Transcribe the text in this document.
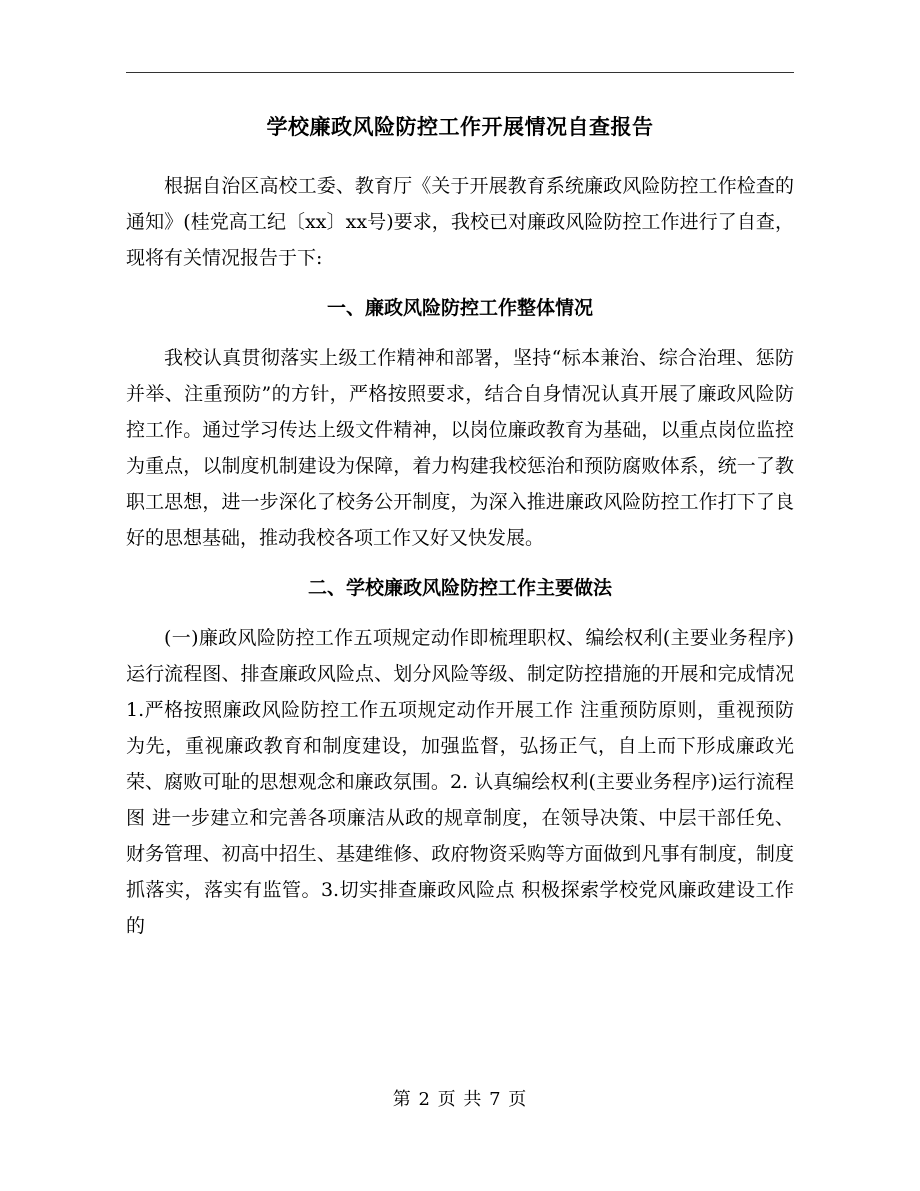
学校廉政风险防控工作开展情况自查报告

根据自治区高校工委、教育厅《关于开展教育系统廉政风险防控工作检查的通知》(桂党高工纪〔xx〕xx号)要求，我校已对廉政风险防控工作进行了自查，现将有关情况报告于下:

一、廉政风险防控工作整体情况

我校认真贯彻落实上级工作精神和部署，坚持“标本兼治、综合治理、惩防并举、注重预防”的方针，严格按照要求，结合自身情况认真开展了廉政风险防控工作。通过学习传达上级文件精神，以岗位廉政教育为基础，以重点岗位监控为重点，以制度机制建设为保障，着力构建我校惩治和预防腐败体系，统一了教职工思想，进一步深化了校务公开制度，为深入推进廉政风险防控工作打下了良好的思想基础，推动我校各项工作又好又快发展。

二、学校廉政风险防控工作主要做法

(一)廉政风险防控工作五项规定动作即梳理职权、编绘权利(主要业务程序)运行流程图、排查廉政风险点、划分风险等级、制定防控措施的开展和完成情况 1.严格按照廉政风险防控工作五项规定动作开展工作 注重预防原则，重视预防为先，重视廉政教育和制度建设，加强监督，弘扬正气，自上而下形成廉政光荣、腐败可耻的思想观念和廉政氛围。2. 认真编绘权利(主要业务程序)运行流程图 进一步建立和完善各项廉洁从政的规章制度，在领导决策、中层干部任免、财务管理、初高中招生、基建维修、政府物资采购等方面做到凡事有制度，制度抓落实，落实有监管。3.切实排查廉政风险点 积极探索学校党风廉政建设工作的

第 2 页 共 7 页
